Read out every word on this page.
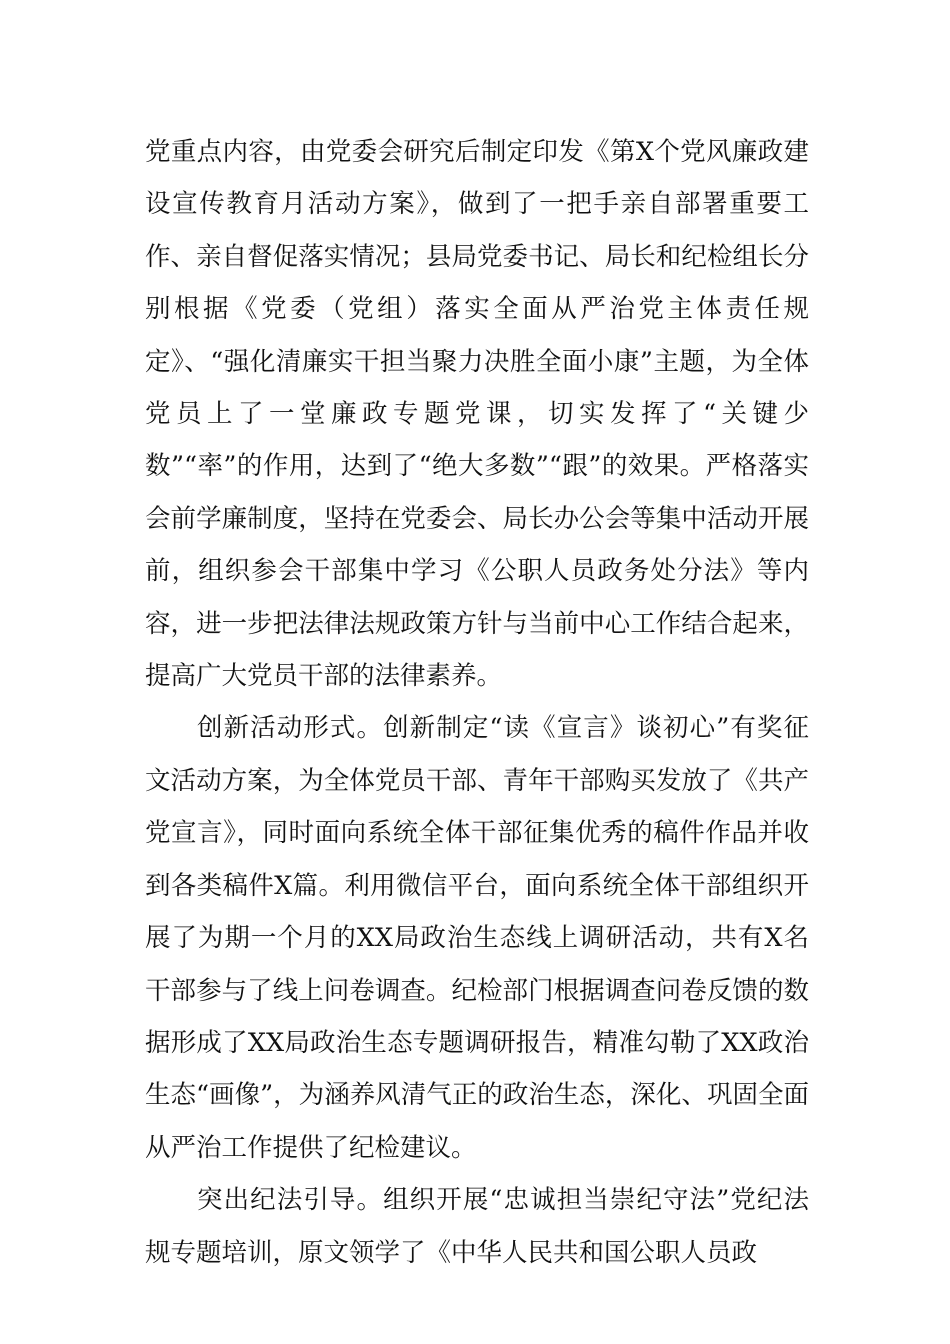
党重点内容，由党委会研究后制定印发《第X个党风廉政建设宣传教育月活动方案》，做到了一把手亲自部署重要工作、亲自督促落实情况；县局党委书记、局长和纪检组长分别根据《党委（党组）落实全面从严治党主体责任规定》、“强化清廉实干担当聚力决胜全面小康”主题，为全体党员上了一堂廉政专题党课，切实发挥了“关键少数”“率”的作用，达到了“绝大多数”“跟”的效果。严格落实会前学廉制度，坚持在党委会、局长办公会等集中活动开展前，组织参会干部集中学习《公职人员政务处分法》等内容，进一步把法律法规政策方针与当前中心工作结合起来，提高广大党员干部的法律素养。

创新活动形式。创新制定“读《宣言》谈初心”有奖征文活动方案，为全体党员干部、青年干部购买发放了《共产党宣言》，同时面向系统全体干部征集优秀的稿件作品并收到各类稿件X篇。利用微信平台，面向系统全体干部组织开展了为期一个月的XX局政治生态线上调研活动，共有X名干部参与了线上问卷调查。纪检部门根据调查问卷反馈的数据形成了XX局政治生态专题调研报告，精准勾勒了XX政治生态“画像”，为涵养风清气正的政治生态，深化、巩固全面从严治工作提供了纪检建议。

突出纪法引导。组织开展“忠诚担当崇纪守法”党纪法规专题培训，原文领学了《中华人民共和国公职人员政
